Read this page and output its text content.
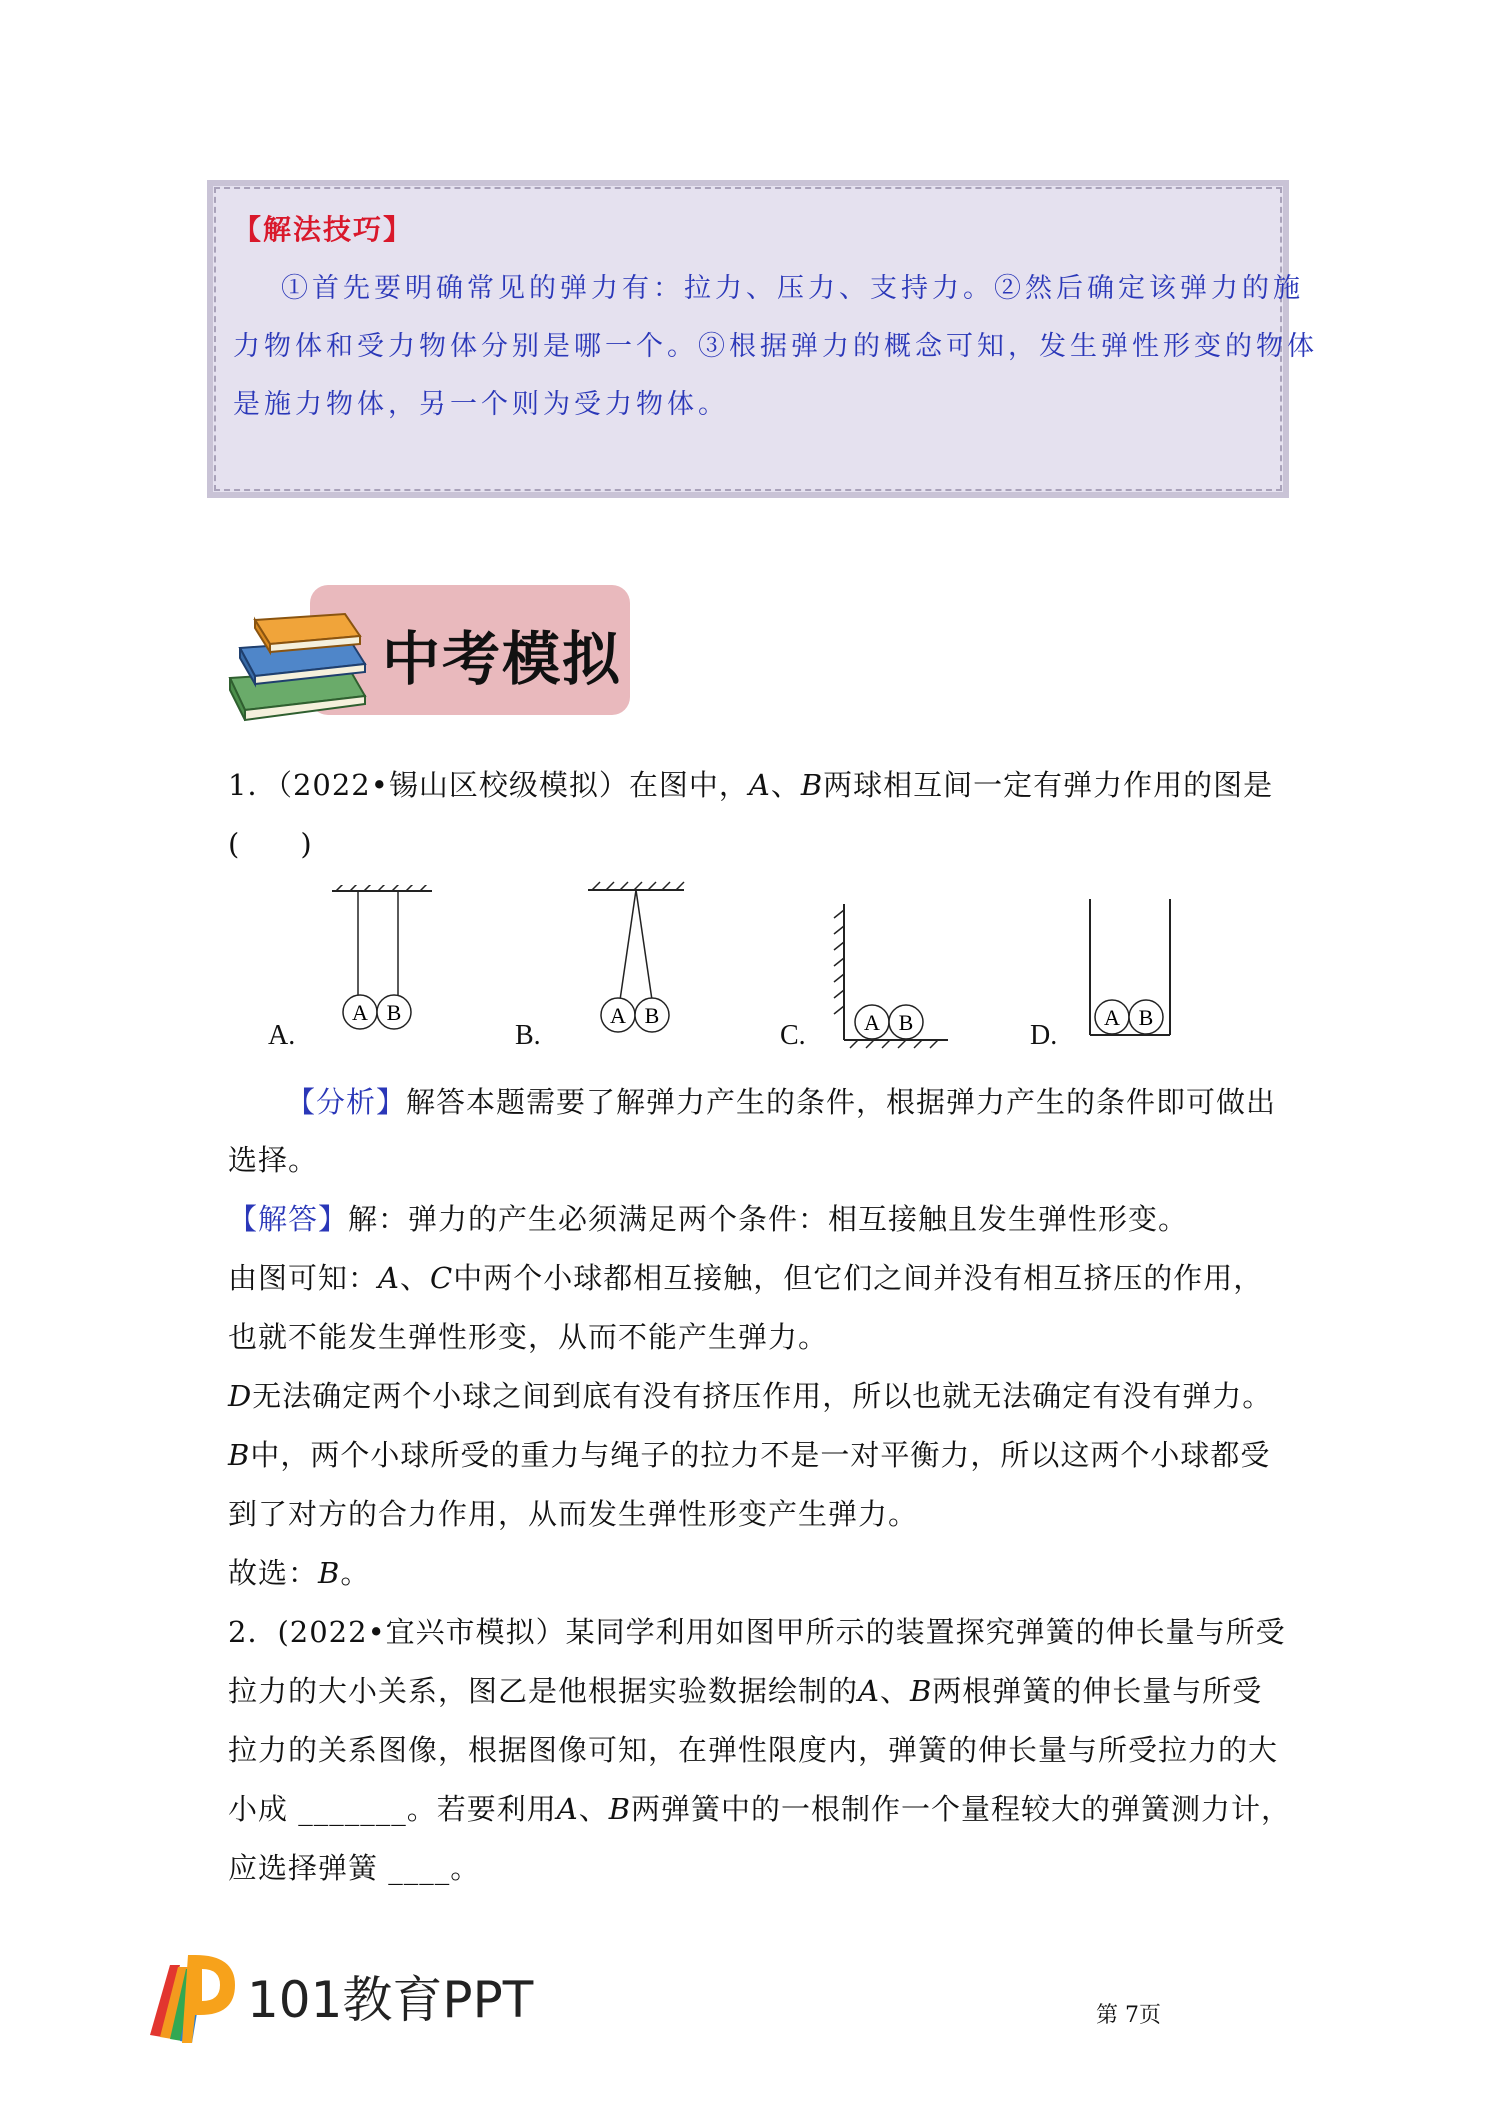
【解法技巧】
①首先要明确常见的弹力有：拉力、压力、支持力。②然后确定该弹力的施
力物体和受力物体分别是哪一个。③根据弹力的概念可知，发生弹性形变的物体
是施力物体，另一个则为受力物体。
中考模拟
1．（2022•锡山区校级模拟）在图中，A、B两球相互间一定有弹力作用的图是
(　　)
A B
A.
A B
B.	A B
C.
A B
D.
【分析】解答本题需要了解弹力产生的条件，根据弹力产生的条件即可做出
选择。
【解答】解：弹力的产生必须满足两个条件：相互接触且发生弹性形变。
由图可知：A、C中两个小球都相互接触，但它们之间并没有相互挤压的作用，
也就不能发生弹性形变，从而不能产生弹力。
D无法确定两个小球之间到底有没有挤压作用，所以也就无法确定有没有弹力。
B中，两个小球所受的重力与绳子的拉力不是一对平衡力，所以这两个小球都受
到了对方的合力作用，从而发生弹性形变产生弹力。
故选：B。
2．(2022•宜兴市模拟）某同学利用如图甲所示的装置探究弹簧的伸长量与所受
拉力的大小关系，图乙是他根据实验数据绘制的A、B两根弹簧的伸长量与所受
拉力的关系图像，根据图像可知，在弹性限度内，弹簧的伸长量与所受拉力的大
小成 _______。若要利用A、B两弹簧中的一根制作一个量程较大的弹簧测力计，
应选择弹簧 ____。
101教育PPT	第 7页
